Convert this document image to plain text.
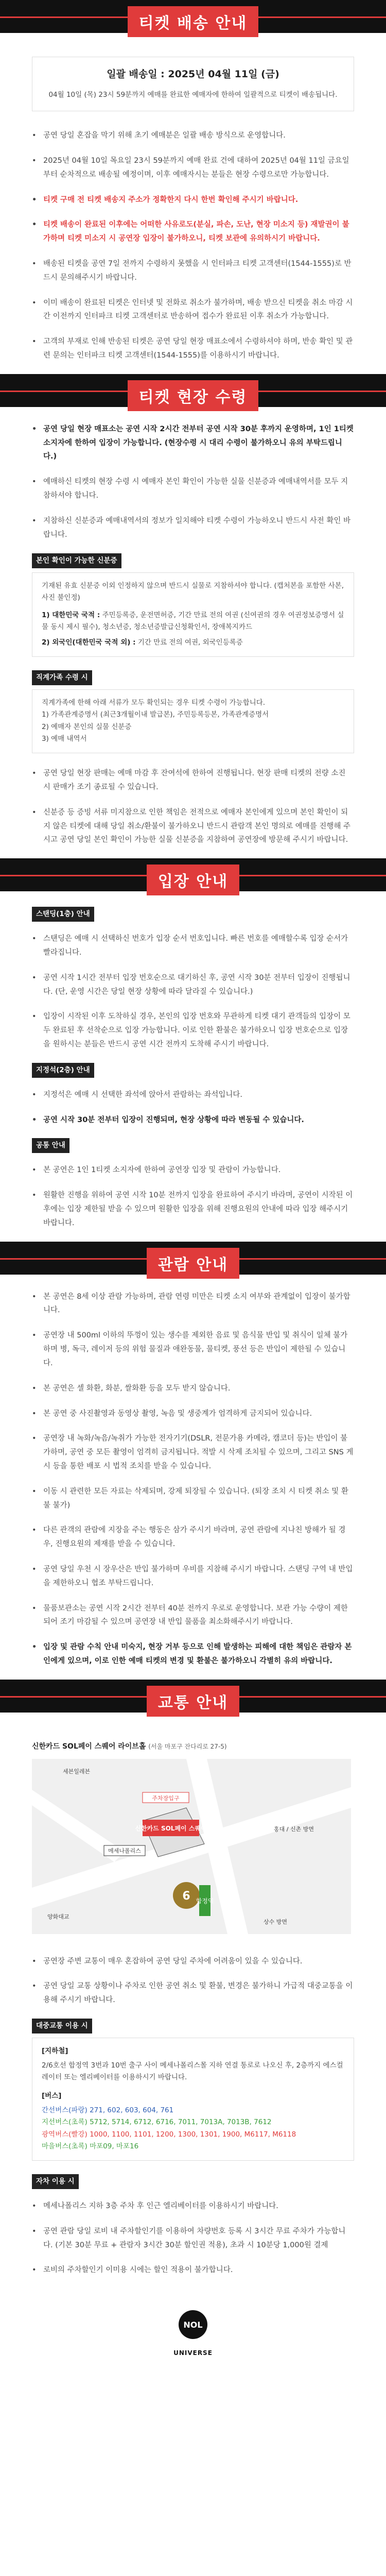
티켓 배송 안내
일괄 배송일 : 2025년 04월 11일 (금)
04월 10일 (목) 23시 59분까지 예매를 완료한 예매자에 한하여 일괄적으로 티켓이 배송됩니다.
• 공연 당일 혼잡을 막기 위해 초기 예매분은 일괄 배송 방식으로 운영합니다.
• 2025년 04월 10일 목요일 23시 59분까지 예매 완료 건에 대하여 2025년 04월 11일 금요일부터 순차적으로 배송될 예정이며, 이후 예매자시는 분들은 현장 수령으로만 가능합니다.
• 티켓 구매 전 티켓 배송지 주소가 정확한지 다시 한번 확인해 주시기 바랍니다.
• 티켓 배송이 완료된 이후에는 어떠한 사유로도(분실, 파손, 도난, 현장 미소지 등) 재발권이 불가하며 티켓 미소지 시 공연장 입장이 불가하오니, 티켓 보관에 유의하시기 바랍니다.
• 배송된 티켓을 공연 7일 전까지 수령하지 못했을 시 인터파크 티켓 고객센터(1544-1555)로 반드시 문의해주시기 바랍니다.
• 이미 배송이 완료된 티켓은 인터넷 및 전화로 취소가 불가하며, 배송 받으신 티켓을 취소 마감 시간 이전까지 인터파크 티켓 고객센터로 반송하여 접수가 완료된 이후 취소가 가능합니다.
• 고객의 부재로 인해 반송된 티켓은 공연 당일 현장 매표소에서 수령하셔야 하며, 반송 확인 및 관련 문의는 인터파크 티켓 고객센터(1544-1555)를 이용하시기 바랍니다.
티켓 현장 수령
• 공연 당일 현장 매표소는 공연 시작 2시간 전부터 공연 시작 30분 후까지 운영하며, 1인 1티켓 소지자에 한하여 입장이 가능합니다. (현장수령 시 대리 수령이 불가하오니 유의 부탁드립니다.)
• 예매하신 티켓의 현장 수령 시 예매자 본인 확인이 가능한 실물 신분증과 예매내역서를 모두 지참하셔야 합니다.
• 지참하신 신분증과 예매내역서의 정보가 일치해야 티켓 수령이 가능하오니 반드시 사전 확인 바랍니다.
본인 확인이 가능한 신분증
기재된 유효 신분증 이외 인정하지 않으며 반드시 실물로 지참하셔야 합니다. (캡처본을 포함한 사본, 사진 불인정)
1) 대한민국 국적 : 주민등록증, 운전면허증, 기간 만료 전의 여권 (신여권의 경우 여권정보증명서 실물 동시 제시 필수), 청소년증, 청소년증발급신청확인서, 장애복지카드
2) 외국인(대한민국 국적 외) : 기간 만료 전의 여권, 외국인등록증
직계가족 수령 시
직계가족에 한해 아래 서류가 모두 확인되는 경우 티켓 수령이 가능합니다.
1) 가족관계증명서 (최근3개월이내 발급본), 주민등록등본, 가족관계증명서
2) 예매자 본인의 실물 신분증
3) 예매 내역서
• 공연 당일 현장 판매는 예매 마감 후 잔여석에 한하여 진행됩니다. 현장 판매 티켓의 전량 소진 시 판매가 조기 종료될 수 있습니다.
• 신분증 등 증빙 서류 미지참으로 인한 책임은 전적으로 예매자 본인에게 있으며 본인 확인이 되지 않은 티켓에 대해 당일 취소/환불이 불가하오니 반드시 관람객 본인 명의로 예매를 진행해 주시고 공연 당일 본인 확인이 가능한 실물 신분증을 지참하여 공연장에 방문해 주시기 바랍니다.
입장 안내
스탠딩(1층) 안내
• 스탠딩은 예매 시 선택하신 번호가 입장 순서 번호입니다. 빠른 번호를 예매할수록 입장 순서가 빨라집니다.
• 공연 시작 1시간 전부터 입장 번호순으로 대기하신 후, 공연 시작 30분 전부터 입장이 진행됩니다. (단, 운영 시간은 당일 현장 상황에 따라 달라질 수 있습니다.)
• 입장이 시작된 이후 도착하실 경우, 본인의 입장 번호와 무관하게 티켓 대기 관객들의 입장이 모두 완료된 후 선착순으로 입장 가능합니다. 이로 인한 환불은 불가하오니 입장 번호순으로 입장을 원하시는 분들은 반드시 공연 시간 전까지 도착해 주시기 바랍니다.
지정석(2층) 안내
• 지정석은 예매 시 선택한 좌석에 앉아서 관람하는 좌석입니다.
• 공연 시작 30분 전부터 입장이 진행되며, 현장 상황에 따라 변동될 수 있습니다.
공통 안내
• 본 공연은 1인 1티켓 소지자에 한하여 공연장 입장 및 관람이 가능합니다.
• 원활한 진행을 위하여 공연 시작 10분 전까지 입장을 완료하여 주시기 바라며, 공연이 시작된 이후에는 입장 제한될 받을 수 있으며 원활한 입장을 위해 진행요원의 안내에 따라 입장 해주시기 바랍니다.
관람 안내
• 본 공연은 8세 이상 관람 가능하며, 관람 연령 미만은 티켓 소지 여부와 관계없이 입장이 불가합니다.
• 공연장 내 500ml 이하의 뚜껑이 있는 생수를 제외한 음료 및 음식물 반입 및 취식이 일체 불가하며 병, 독극, 레이저 등의 위험 물질과 애완동물, 물티켓, 풍선 등은 반입이 제한될 수 있습니다.
• 본 공연은 셀 화환, 화분, 쌀화환 등을 모두 받지 않습니다.
• 본 공연 중 사진촬영과 동영상 촬영, 녹음 및 생중계가 엄격하게 금지되어 있습니다.
• 공연장 내 녹화/녹음/녹취가 가능한 전자기기(DSLR, 전문가용 카메라, 캠코더 등)는 반입이 불가하며, 공연 중 모든 촬영이 엄격히 금지됩니다. 적발 시 삭제 조치될 수 있으며, 그리고 SNS 게시 등을 통한 배포 시 법적 조치를 받을 수 있습니다.
• 이동 시 관련한 모든 자료는 삭제되며, 강제 퇴장될 수 있습니다. (퇴장 조치 시 티켓 취소 및 환불 불가)
• 다른 관객의 관람에 지장을 주는 행동은 삼가 주시기 바라며, 공연 관람에 지나친 방해가 될 경우, 진행요원의 제재를 받을 수 있습니다.
• 공연 당일 우천 시 장우산은 반입 불가하며 우비를 지참해 주시기 바랍니다. 스탠딩 구역 내 반입을 제한하오니 협조 부탁드립니다.
• 물품보관소는 공연 시작 2시간 전부터 40분 전까지 우로로 운영합니다. 보관 가능 수량이 제한되어 조기 마감될 수 있으며 공연장 내 반입 물품을 최소화해주시기 바랍니다.
• 입장 및 관람 수칙 안내 미숙지, 현장 거부 등으로 인해 발생하는 피해에 대한 책임은 관람자 본인에게 있으며, 이로 인한 예매 티켓의 변경 및 환불은 불가하오니 각별히 유의 바랍니다.
교통 안내
신한카드 SOL페이 스퀘어 라이브홀 (서울 마포구 잔다리로 27-5)
신한카드 SOL페이 스퀘어
주차장입구
메세나폴리스
세븐일레븐
홍대 / 신촌 방면
양화대교
상수 방면
6 합정역
• 공연장 주변 교통이 매우 혼잡하여 공연 당일 주차에 어려움이 있을 수 있습니다.
• 공연 당일 교통 상황이나 주차로 인한 공연 취소 및 환불, 변경은 불가하니 가급적 대중교통을 이용해 주시기 바랍니다.
대중교통 이용 시
[지하철]
2/6호선 합정역 3번과 10번 출구 사이 메세나폴리스몰 지하 연결 통로로 나오신 후, 2층까지 에스컬레이터 또는 엘리베이터를 이용하시기 바랍니다.
[버스]
간선버스(파랑) 271, 602, 603, 604, 761
지선버스(초록) 5712, 5714, 6712, 6716, 7011, 7013A, 7013B, 7612
광역버스(빨강) 1000, 1100, 1101, 1200, 1300, 1301, 1900, M6117, M6118
마을버스(초록) 마포09, 마포16
자차 이용 시
• 메세나폴리스 지하 3층 주차 후 인근 엘리베이터를 이용하시기 바랍니다.
• 공연 관람 당일 로비 내 주차할인기를 이용하여 차량번호 등록 시 3시간 무료 주차가 가능합니다. (기본 30분 무료 + 관람자 3시간 30분 할인권 적용), 초과 시 10분당 1,000원 결제
• 로비의 주차할인기 이미용 시에는 할인 적용이 불가합니다.
NOL
UNIVERSE
